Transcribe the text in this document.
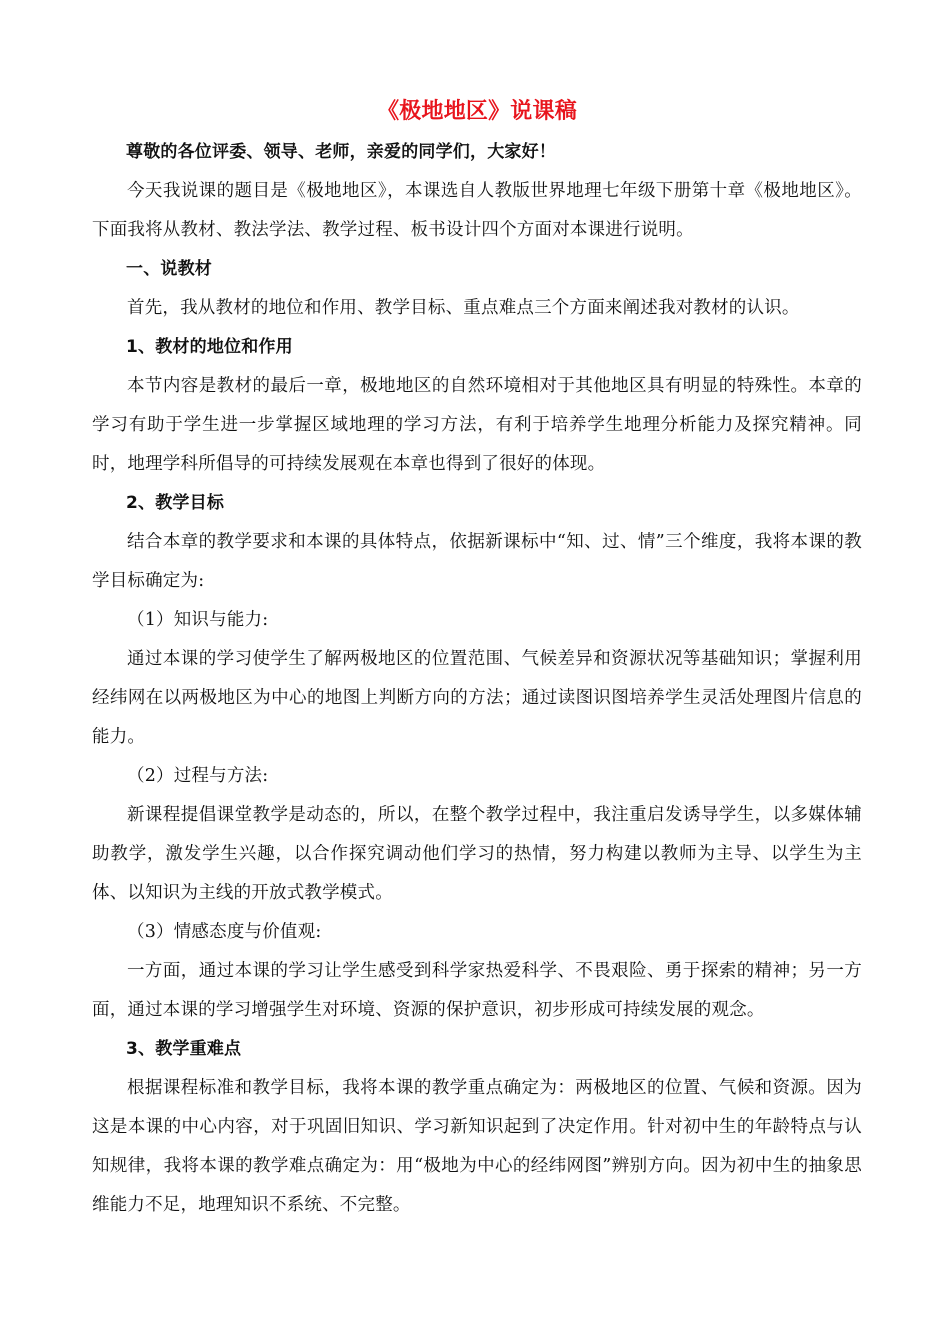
《极地地区》说课稿

尊敬的各位评委、领导、老师，亲爱的同学们，大家好！

今天我说课的题目是《极地地区》，本课选自人教版世界地理七年级下册第十章《极地地区》。下面我将从教材、教法学法、教学过程、板书设计四个方面对本课进行说明。

一、说教材

首先，我从教材的地位和作用、教学目标、重点难点三个方面来阐述我对教材的认识。

1、教材的地位和作用

本节内容是教材的最后一章，极地地区的自然环境相对于其他地区具有明显的特殊性。本章的学习有助于学生进一步掌握区域地理的学习方法，有利于培养学生地理分析能力及探究精神。同时，地理学科所倡导的可持续发展观在本章也得到了很好的体现。

2、教学目标

结合本章的教学要求和本课的具体特点，依据新课标中“知、过、情”三个维度，我将本课的教学目标确定为:

（1）知识与能力:

通过本课的学习使学生了解两极地区的位置范围、气候差异和资源状况等基础知识；掌握利用经纬网在以两极地区为中心的地图上判断方向的方法；通过读图识图培养学生灵活处理图片信息的能力。

（2）过程与方法:

新课程提倡课堂教学是动态的，所以，在整个教学过程中，我注重启发诱导学生，以多媒体辅助教学，激发学生兴趣，以合作探究调动他们学习的热情，努力构建以教师为主导、以学生为主体、以知识为主线的开放式教学模式。

（3）情感态度与价值观:

一方面，通过本课的学习让学生感受到科学家热爱科学、不畏艰险、勇于探索的精神；另一方面，通过本课的学习增强学生对环境、资源的保护意识，初步形成可持续发展的观念。

3、教学重难点

根据课程标准和教学目标，我将本课的教学重点确定为：两极地区的位置、气候和资源。因为这是本课的中心内容，对于巩固旧知识、学习新知识起到了决定作用。针对初中生的年龄特点与认知规律，我将本课的教学难点确定为：用“极地为中心的经纬网图”辨别方向。因为初中生的抽象思维能力不足，地理知识不系统、不完整。
